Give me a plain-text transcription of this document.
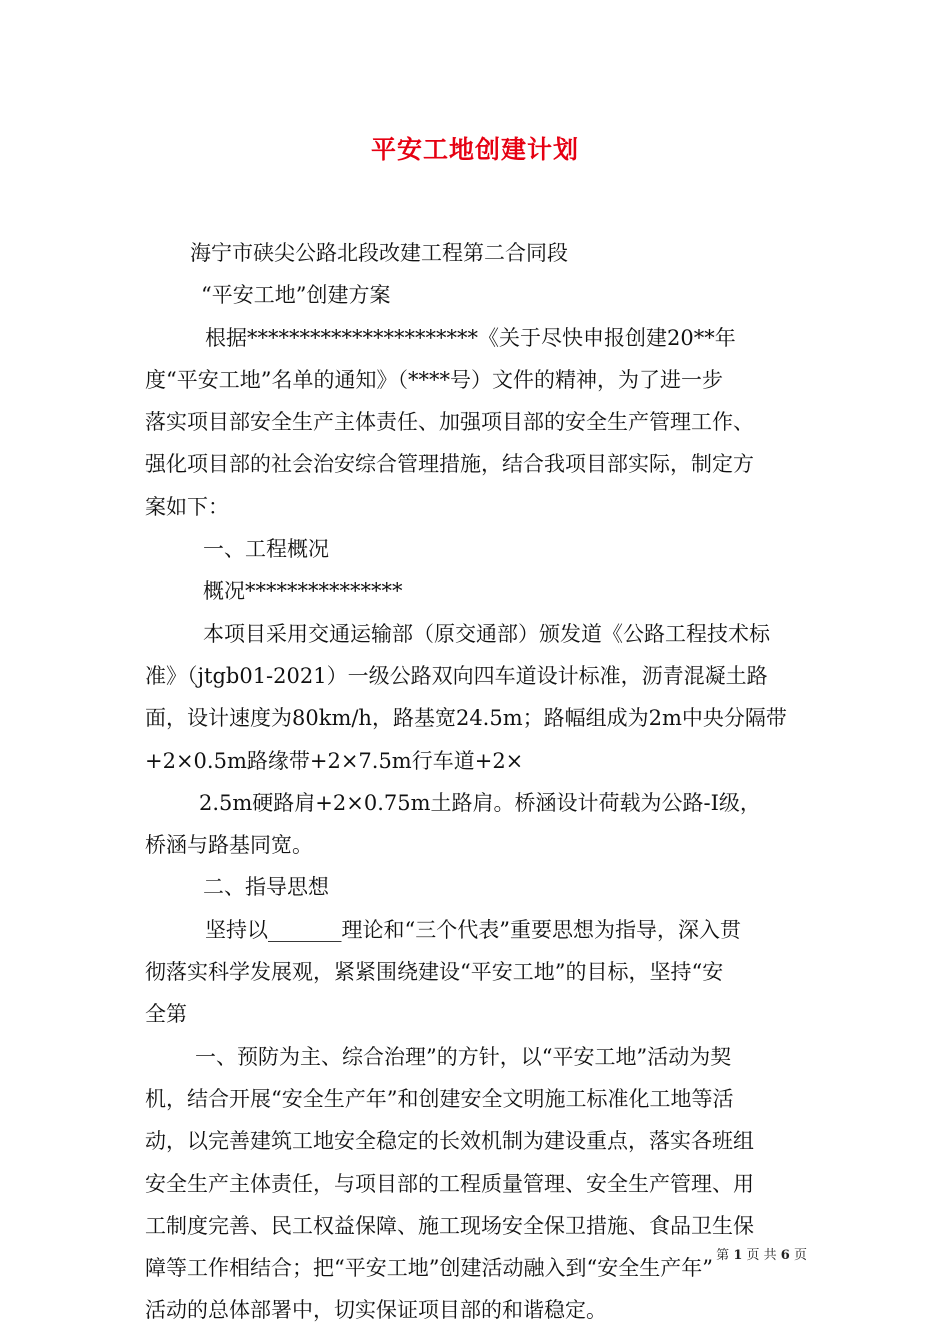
平安工地创建计划
海宁市硖尖公路北段改建工程第二合同段
“平安工地”创建方案
根据**********************《关于尽快申报创建20**年
度“平安工地”名单的通知》（****号）文件的精神，为了进一步
落实项目部安全生产主体责任、加强项目部的安全生产管理工作、
强化项目部的社会治安综合管理措施，结合我项目部实际，制定方
案如下：
一、工程概况
概况***************
本项目采用交通运输部（原交通部）颁发道《公路工程技术标
准》（jtgb01-2021）一级公路双向四车道设计标准，沥青混凝土路
面，设计速度为80km/h，路基宽24.5m；路幅组成为2m中央分隔带
+2×0.5m路缘带+2×7.5m行车道+2×
2.5m硬路肩+2×0.75m土路肩。桥涵设计荷载为公路-Ⅰ级，
桥涵与路基同宽。
二、指导思想
坚持以_______理论和“三个代表”重要思想为指导，深入贯
彻落实科学发展观，紧紧围绕建设“平安工地”的目标，坚持“安
全第
一、预防为主、综合治理”的方针，以“平安工地”活动为契
机，结合开展“安全生产年”和创建安全文明施工标准化工地等活
动，以完善建筑工地安全稳定的长效机制为建设重点，落实各班组
安全生产主体责任，与项目部的工程质量管理、安全生产管理、用
工制度完善、民工权益保障、施工现场安全保卫措施、食品卫生保
障等工作相结合；把“平安工地”创建活动融入到“安全生产年”
活动的总体部署中，切实保证项目部的和谐稳定。
第 1 页 共 6 页
